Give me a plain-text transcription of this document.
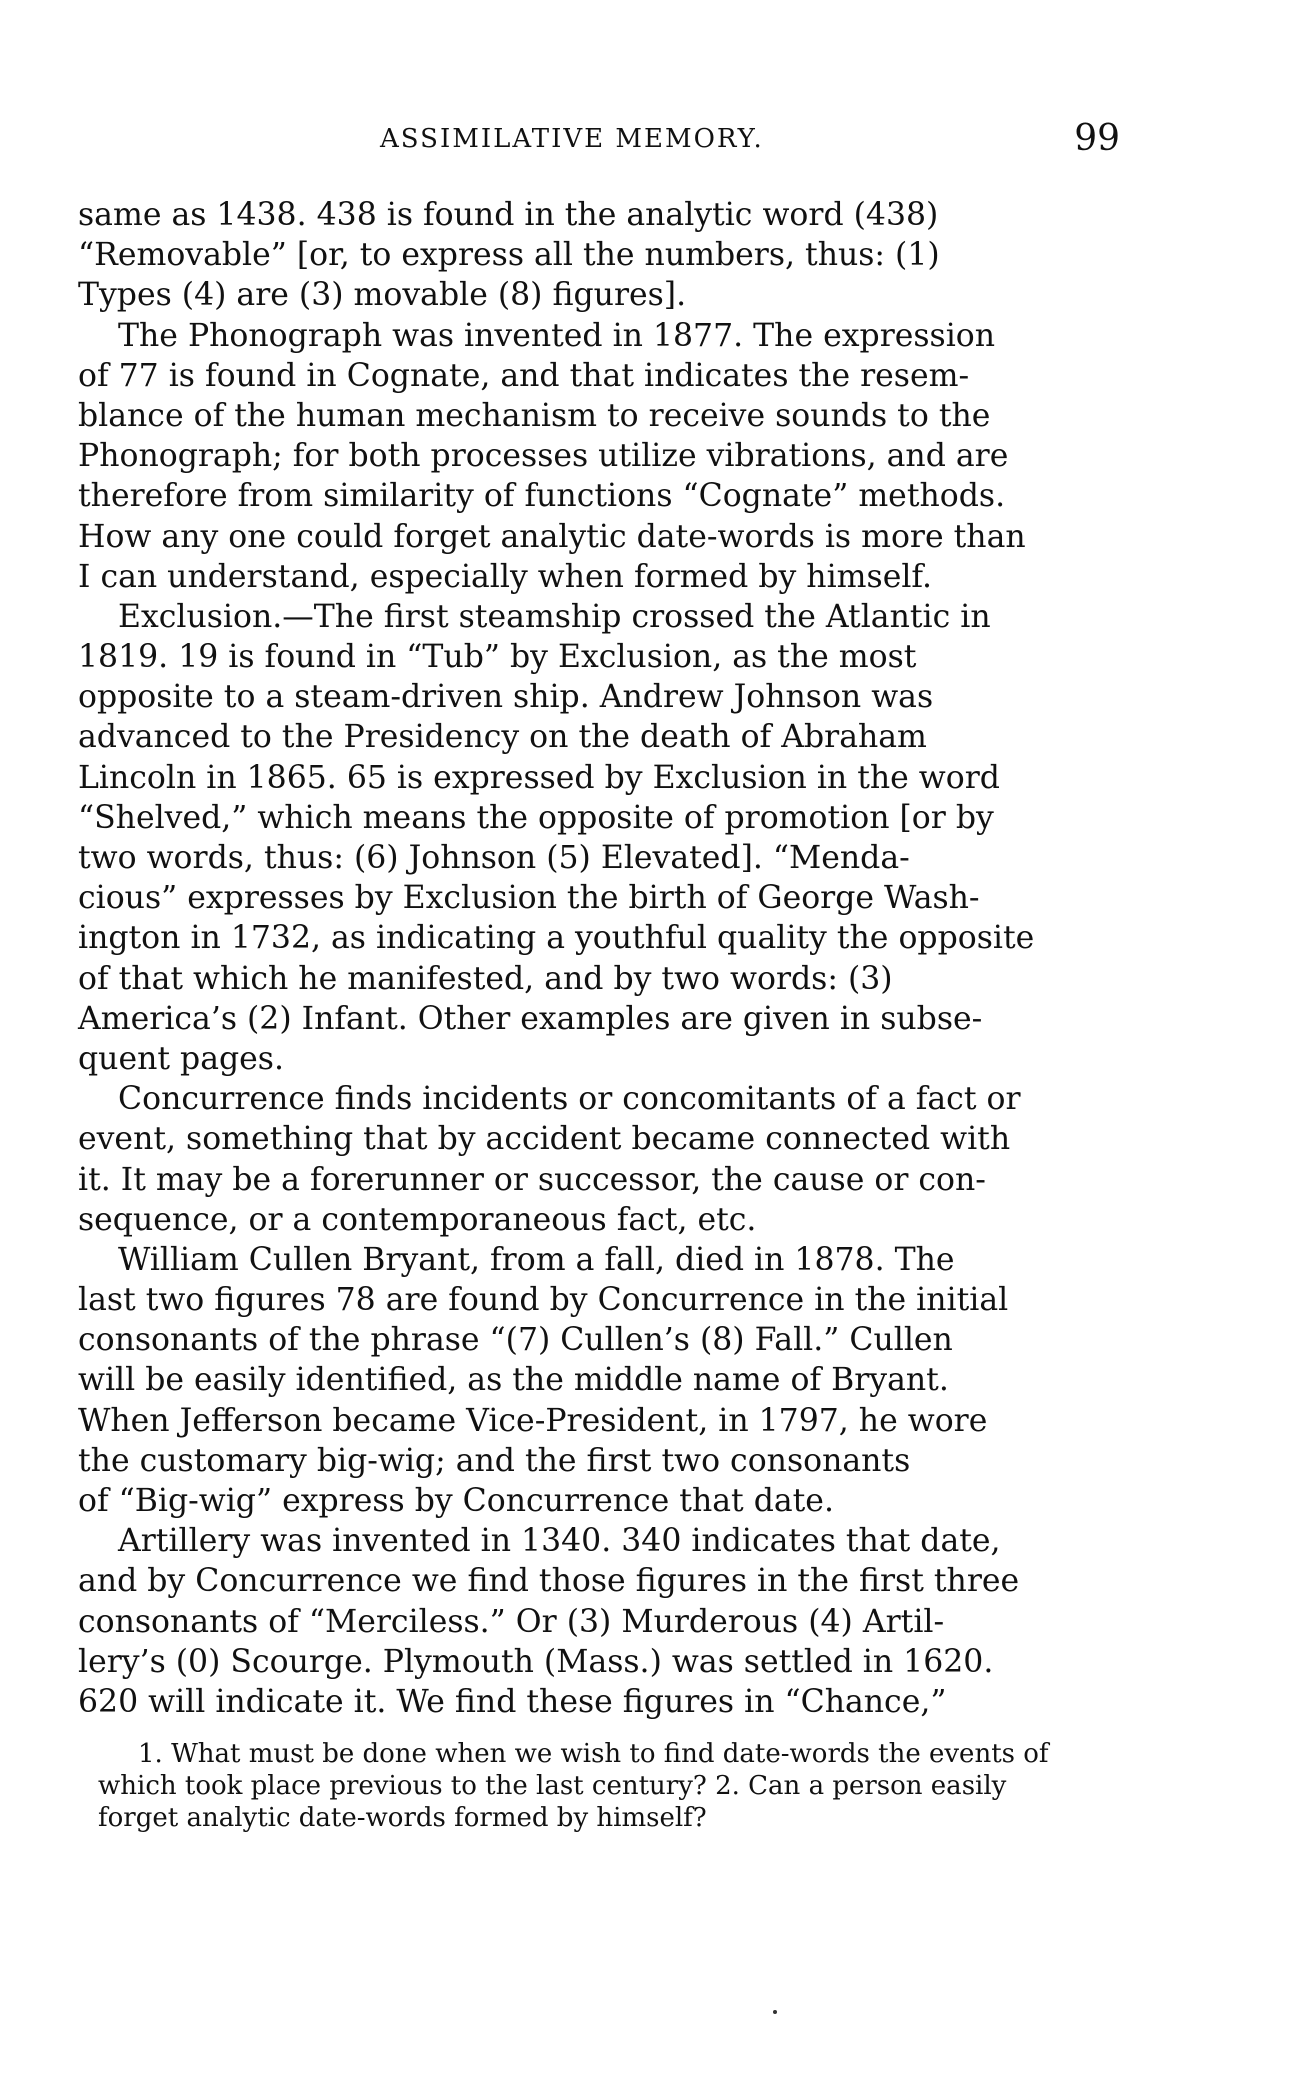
ASSIMILATIVE MEMORY.	99
same as 1438. 438 is found in the analytic word (438)
“Removable” [or, to express all the numbers, thus: (1)
Types (4) are (3) movable (8) figures].
The Phonograph was invented in 1877. The expression
of 77 is found in Cognate, and that indicates the resem-
blance of the human mechanism to receive sounds to the
Phonograph; for both processes utilize vibrations, and are
therefore from similarity of functions “Cognate” methods.
How any one could forget analytic date-words is more than
I can understand, especially when formed by himself.
Exclusion.—The first steamship crossed the Atlantic in
1819. 19 is found in “Tub” by Exclusion, as the most
opposite to a steam-driven ship. Andrew Johnson was
advanced to the Presidency on the death of Abraham
Lincoln in 1865. 65 is expressed by Exclusion in the word
“Shelved,” which means the opposite of promotion [or by
two words, thus: (6) Johnson (5) Elevated]. “Menda-
cious” expresses by Exclusion the birth of George Wash-
ington in 1732, as indicating a youthful quality the opposite
of that which he manifested, and by two words: (3)
America’s (2) Infant. Other examples are given in subse-
quent pages.
Concurrence finds incidents or concomitants of a fact or
event, something that by accident became connected with
it. It may be a forerunner or successor, the cause or con-
sequence, or a contemporaneous fact, etc.
William Cullen Bryant, from a fall, died in 1878. The
last two figures 78 are found by Concurrence in the initial
consonants of the phrase “(7) Cullen’s (8) Fall.” Cullen
will be easily identified, as the middle name of Bryant.
When Jefferson became Vice-President, in 1797, he wore
the customary big-wig; and the first two consonants
of “Big-wig” express by Concurrence that date.
Artillery was invented in 1340. 340 indicates that date,
and by Concurrence we find those figures in the first three
consonants of “Merciless.” Or (3) Murderous (4) Artil-
lery’s (0) Scourge. Plymouth (Mass.) was settled in 1620.
620 will indicate it. We find these figures in “Chance,”
1. What must be done when we wish to find date-words the events of
which took place previous to the last century? 2. Can a person easily
forget analytic date-words formed by himself?
